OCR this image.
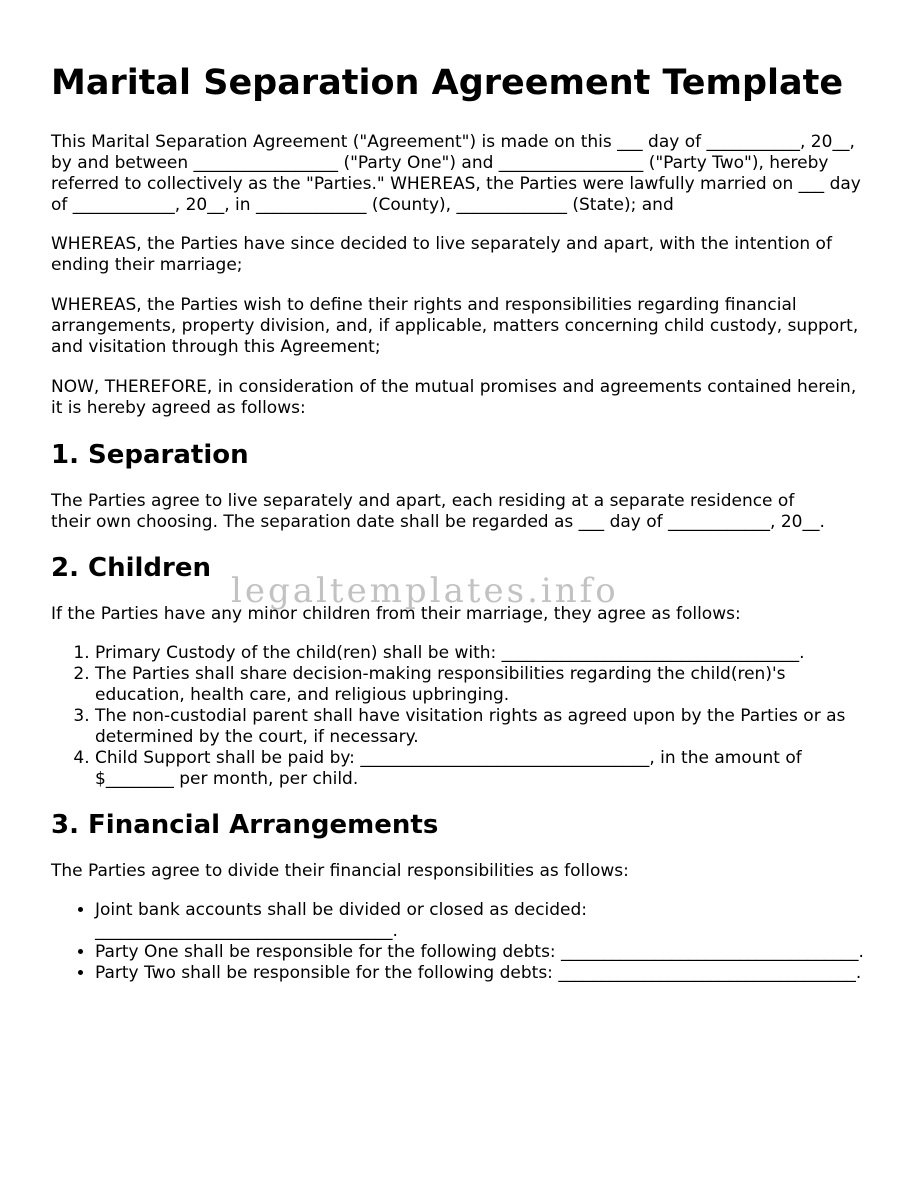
Marital Separation Agreement Template

This Marital Separation Agreement ("Agreement") is made on this ___ day of ___________, 20__, by and between _________________ ("Party One") and _________________ ("Party Two"), hereby referred to collectively as the "Parties." WHEREAS, the Parties were lawfully married on ___ day of ____________, 20__, in _____________ (County), _____________ (State); and

WHEREAS, the Parties have since decided to live separately and apart, with the intention of ending their marriage;

WHEREAS, the Parties wish to define their rights and responsibilities regarding financial arrangements, property division, and, if applicable, matters concerning child custody, support, and visitation through this Agreement;

NOW, THEREFORE, in consideration of the mutual promises and agreements contained herein, it is hereby agreed as follows:

1. Separation
The Parties agree to live separately and apart, each residing at a separate residence of
their own choosing. The separation date shall be regarded as ___ day of ____________, 20__.
2. Children

If the Parties have any minor children from their marriage, they agree as follows:

1. Primary Custody of the child(ren) shall be with: ___________________________________.
2. The Parties shall share decision-making responsibilities regarding the child(ren)'s education, health care, and religious upbringing.
3. The non-custodial parent shall have visitation rights as agreed upon by the Parties or as determined by the court, if necessary.
4. Child Support shall be paid by: __________________________________, in the amount of $________ per month, per child.
3. Financial Arrangements

The Parties agree to divide their financial responsibilities as follows:

• Joint bank accounts shall be divided or closed as decided: ___________________________________.
• Party One shall be responsible for the following debts: ___________________________________.
• Party Two shall be responsible for the following debts: ___________________________________.
legaltemplates.info
